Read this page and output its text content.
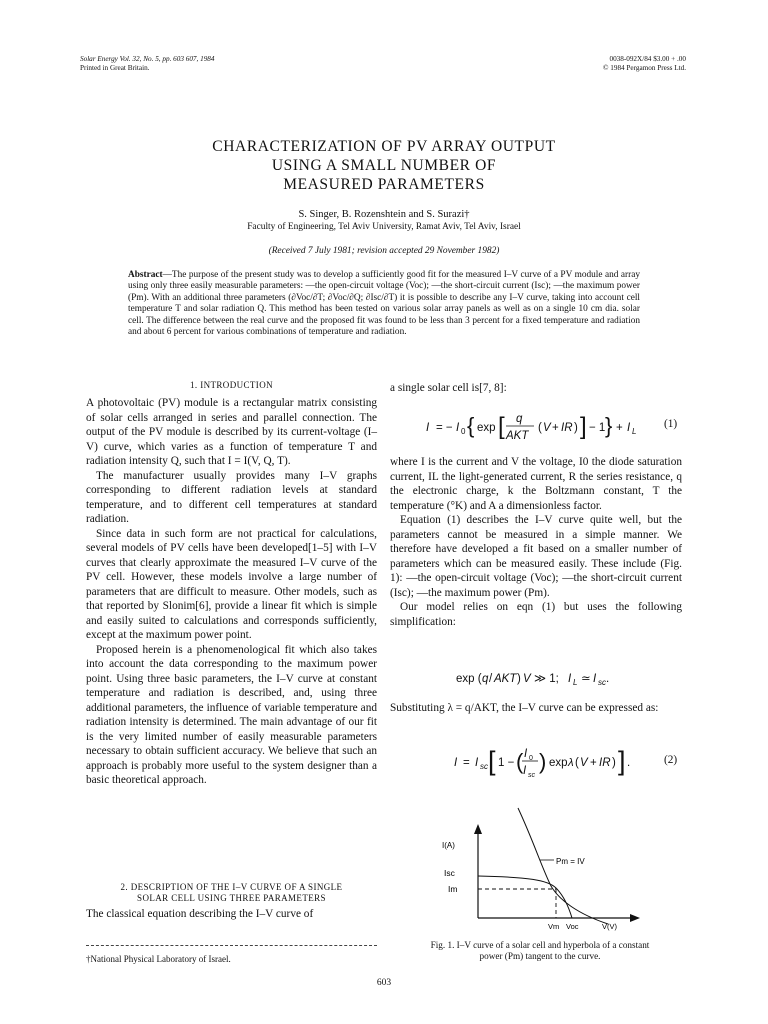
Solar Energy Vol. 32, No. 5, pp. 603 607, 1984
Printed in Great Britain.
0038-092X/84 $3.00 + .00
© 1984 Pergamon Press Ltd.
CHARACTERIZATION OF PV ARRAY OUTPUT
USING A SMALL NUMBER OF
MEASURED PARAMETERS
S. Singer, B. Rozenshtein and S. Surazi†
Faculty of Engineering, Tel Aviv University, Ramat Aviv, Tel Aviv, Israel
(Received 7 July 1981; revision accepted 29 November 1982)
Abstract—The purpose of the present study was to develop a sufficiently good fit for the measured I–V curve of a PV module and array using only three easily measurable parameters: —the open-circuit voltage (Voc); —the short-circuit current (Isc); —the maximum power (Pm). With an additional three parameters (∂Voc/∂T; ∂Voc/∂Q; ∂Isc/∂T) it is possible to describe any I–V curve, taking into account cell temperature T and solar radiation Q. This method has been tested on various solar array panels as well as on a single 10 cm dia. solar cell. The difference between the real curve and the proposed fit was found to be less than 3 percent for a fixed temperature and radiation and about 6 percent for various combinations of temperature and radiation.
1. INTRODUCTION

A photovoltaic (PV) module is a rectangular matrix consisting of solar cells arranged in series and parallel connection. The output of the PV module is described by its current-voltage (I–V) curve, which varies as a function of temperature T and radiation intensity Q, such that I = I(V, Q, T).

The manufacturer usually provides many I–V graphs corresponding to different radiation levels at standard temperature, and to different cell temperatures at standard radiation.

Since data in such form are not practical for calculations, several models of PV cells have been developed[1–5] with I–V curves that clearly approximate the measured I–V curve of the PV cell. However, these models involve a large number of parameters that are difficult to measure. Other models, such as that reported by Slonim[6], provide a linear fit which is simple and easily suited to calculations and corresponds sufficiently, except at the maximum power point.

Proposed herein is a phenomenological fit which also takes into account the data corresponding to the maximum power point. Using three basic parameters, the I–V curve at constant temperature and radiation is described, and, using three additional parameters, the influence of variable temperature and radiation intensity is determined. The main advantage of our fit is the very limited number of easily measurable parameters necessary to obtain sufficient accuracy. We believe that such an approach is probably more useful to the system designer than a basic theoretical approach.

2. DESCRIPTION OF THE I–V CURVE OF A SINGLE
SOLAR CELL USING THREE PARAMETERS
The classical equation describing the I–V curve of
†National Physical Laboratory of Israel.
a single solar cell is[7, 8]:
I = − I 0 { exp [ q
AKT
( V + IR ) ] − 1 } + I L
(1)

where I is the current and V the voltage, I0 the diode saturation current, IL the light-generated current, R the series resistance, q the electronic charge, k the Boltzmann constant, T the temperature (°K) and A a dimensionless factor.

Equation (1) describes the I–V curve quite well, but the parameters cannot be measured in a simple manner. We therefore have developed a fit based on a smaller number of parameters which can be measured easily. These include (Fig. 1): —the open-circuit voltage (Voc); —the short-circuit current (Isc); —the maximum power (Pm).

Our model relies on eqn (1) but uses the following simplification:

exp ( q / AKT ) V ≫ 1; I L ≃ I sc .

Substituting λ = q/AKT, the I–V curve can be expressed as:

I = I sc [ 1 − ( I 0
I sc
) exp λ ( V + IR ) ] .	(2)
I(A)
Isc
Im
Pm = IV
Vm Voc	V(V)
Fig. 1. I–V curve of a solar cell and hyperbola of a constant
power (Pm) tangent to the curve.
603
